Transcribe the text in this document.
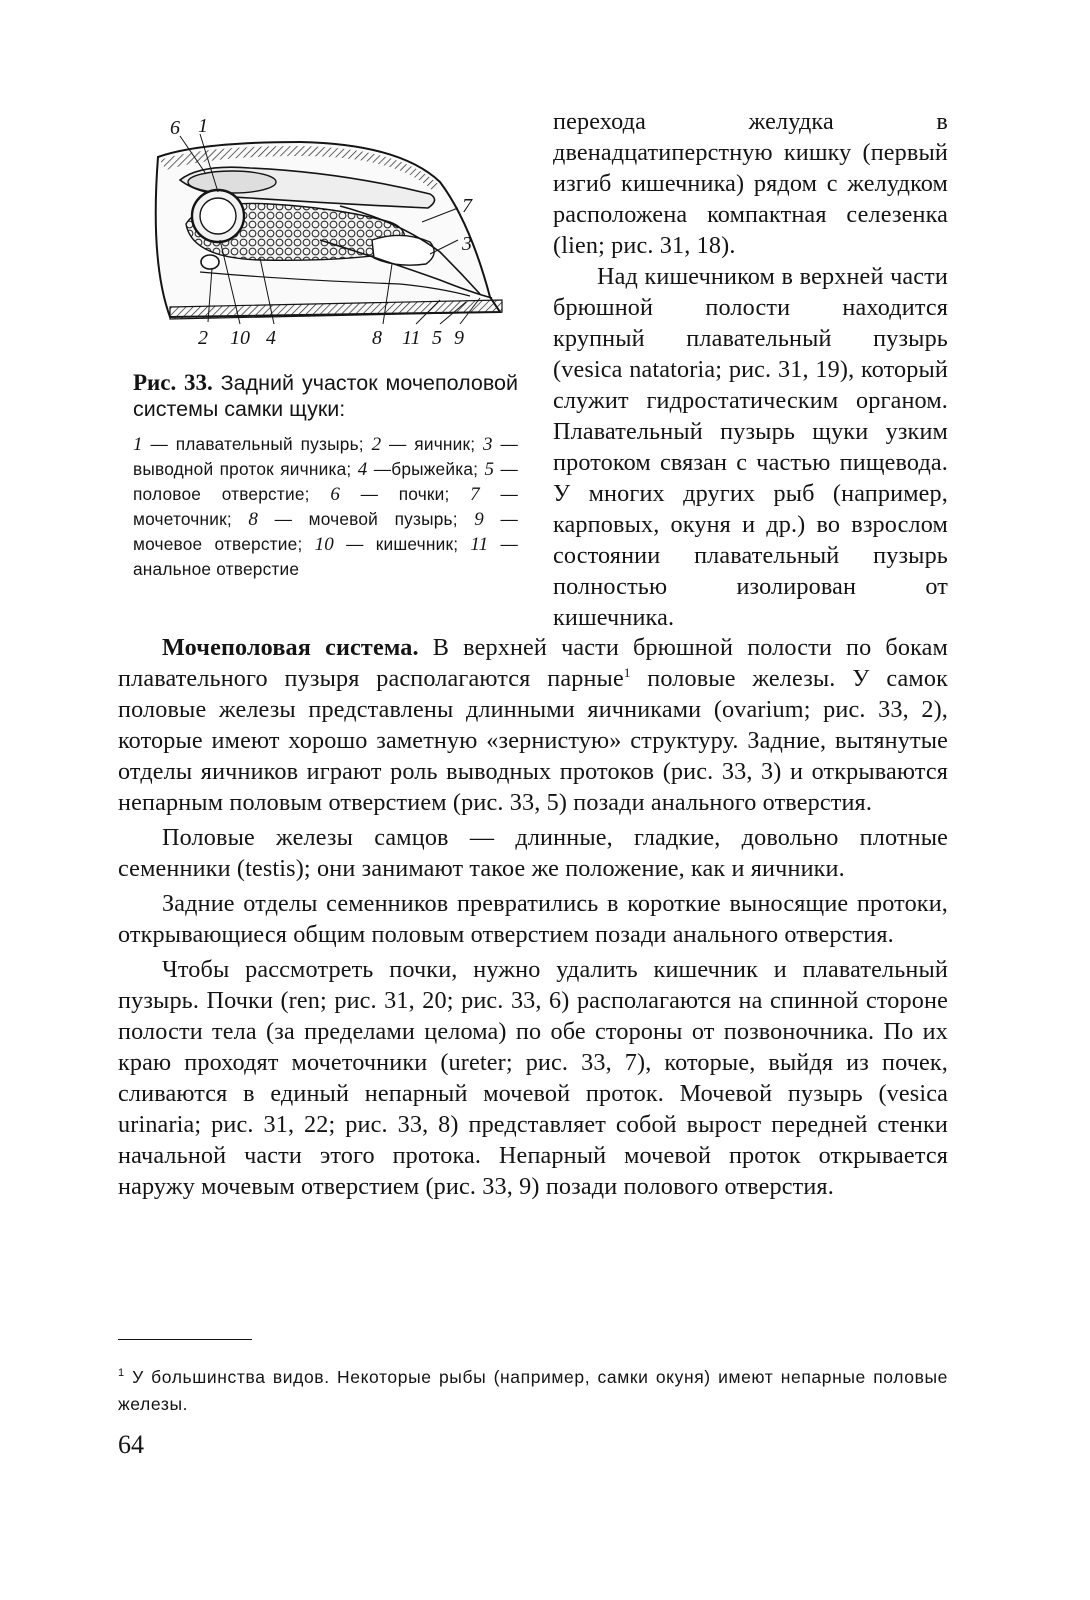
6 1
7
3
2 10 4	8 11 5 9
Рис. 33. Задний участок мочеполовой системы самки щуки:
1 — плавательный пузырь; 2 — яичник; 3 — выводной проток яичника; 4 —брыжейка; 5 — половое отверстие; 6 — почки; 7 — мочеточник; 8 — мочевой пузырь; 9 — мочевое отверстие; 10 — кишечник; 11 — анальное отверстие

перехода желудка в двенадцатиперстную кишку (первый изгиб кишечника) рядом с желудком расположена компактная селезенка (lien; рис. 31, 18).

Над кишечником в верхней части брюшной полости находится крупный плавательный пузырь (vesica natatoria; рис. 31, 19), который служит гидростатическим органом. Плавательный пузырь щуки узким протоком связан с частью пищевода. У многих других рыб (например, карповых, окуня и др.) во взрослом состоянии плавательный пузырь полностью изолирован от кишечника.

Мочеполовая система. В верхней части брюшной полости по бокам плавательного пузыря располагаются парные$^1$ половые железы. У самок половые железы представлены длинными яичниками (ovarium; рис. 33, 2), которые имеют хорошо заметную «зернистую» структуру. Задние, вытянутые отделы яичников играют роль выводных протоков (рис. 33, 3) и открываются непарным половым отверстием (рис. 33, 5) позади анального отверстия.

Половые железы самцов — длинные, гладкие, довольно плотные семенники (testis); они занимают такое же положение, как и яичники.

Задние отделы семенников превратились в короткие выносящие протоки, открывающиеся общим половым отверстием позади анального отверстия.

Чтобы рассмотреть почки, нужно удалить кишечник и плавательный пузырь. Почки (ren; рис. 31, 20; рис. 33, 6) располагаются на спинной стороне полости тела (за пределами целома) по обе стороны от позвоночника. По их краю проходят мочеточники (ureter; рис. 33, 7), которые, выйдя из почек, сливаются в единый непарный мочевой проток. Мочевой пузырь (vesica urinaria; рис. 31, 22; рис. 33, 8) представляет собой вырост передней стенки начальной части этого протока. Непарный мочевой проток открывается наружу мочевым отверстием (рис. 33, 9) позади полового отверстия.

$^1$ У большинства видов. Некоторые рыбы (например, самки окуня) имеют непарные половые железы.
64
